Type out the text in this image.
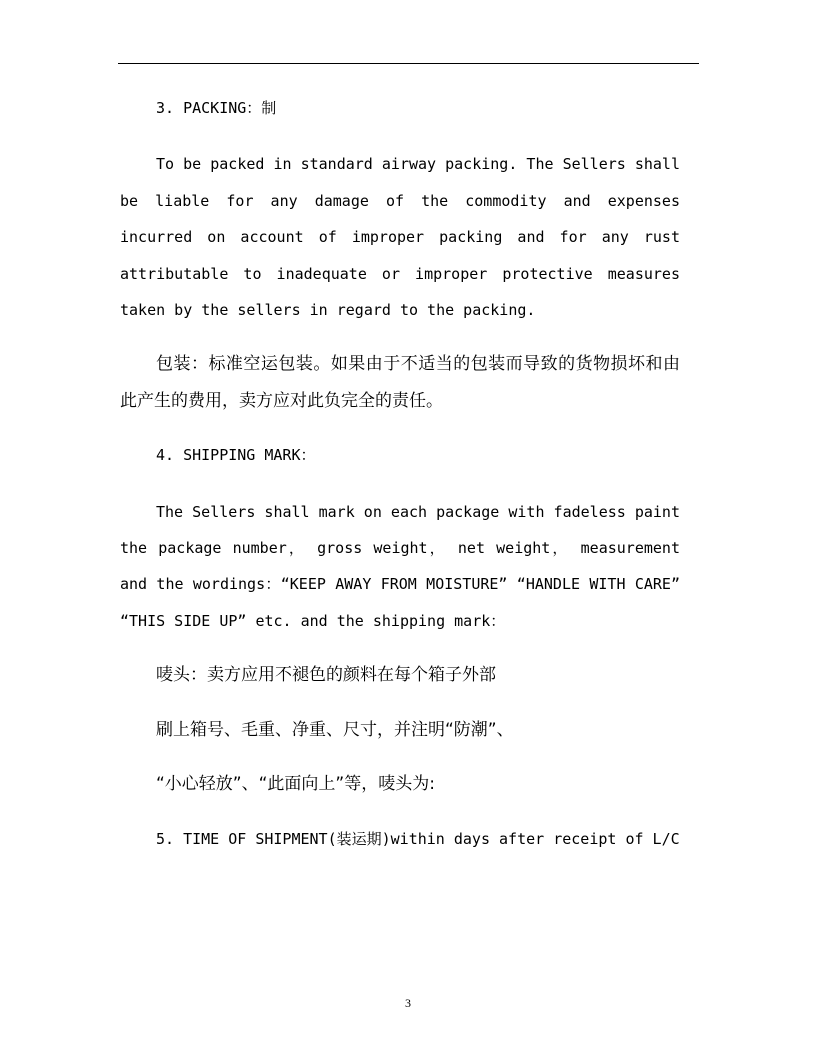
3. PACKING：制

To be packed in standard airway packing. The Sellers shall be liable for any damage of the commodity and expenses incurred on account of improper packing and for any rust attributable to inadequate or improper protective measures taken by the sellers in regard to the packing.

包装：标准空运包装。如果由于不适当的包装而导致的货物损坏和由此产生的费用，卖方应对此负完全的责任。

4. SHIPPING MARK：

The Sellers shall mark on each package with fadeless paint the package number， gross weight， net weight， measurement and the wordings：“KEEP AWAY FROM MOISTURE” “HANDLE WITH CARE” “THIS SIDE UP” etc. and the shipping mark：

唛头：卖方应用不褪色的颜料在每个箱子外部

刷上箱号、毛重、净重、尺寸，并注明“防潮”、

“小心轻放”、“此面向上”等，唛头为:

5. TIME OF SHIPMENT(装运期)within days after receipt of L/C

3
